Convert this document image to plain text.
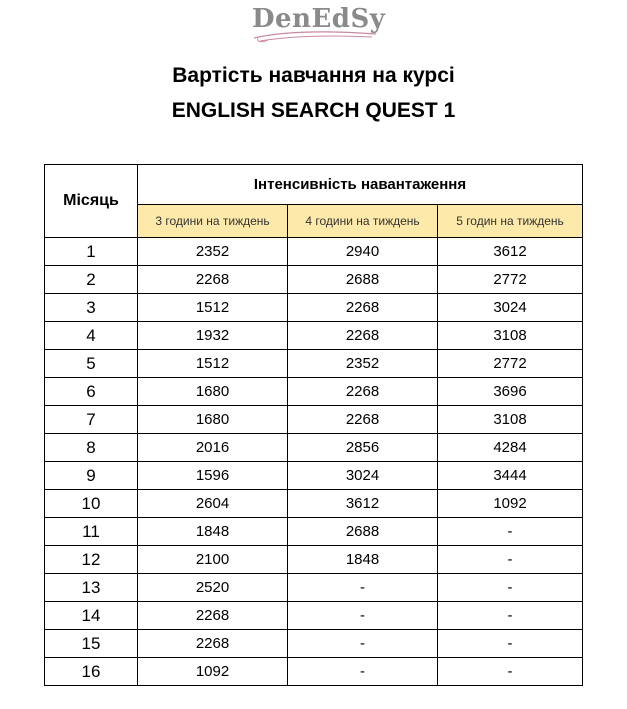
DenEdSy
Вартість навчання на курсі
ENGLISH SEARCH QUEST 1
Місяць	Інтенсивність навантаження		
	3 години на тиждень	4 години на тиждень	5 годин на тиждень
1	2352	2940	3612
2	2268	2688	2772
3	1512	2268	3024
4	1932	2268	3108
5	1512	2352	2772
6	1680	2268	3696
7	1680	2268	3108
8	2016	2856	4284
9	1596	3024	3444
10	2604	3612	1092
11	1848	2688	-
12	2100	1848	-
13	2520	-	-
14	2268	-	-
15	2268	-	-
16	1092	-	-
